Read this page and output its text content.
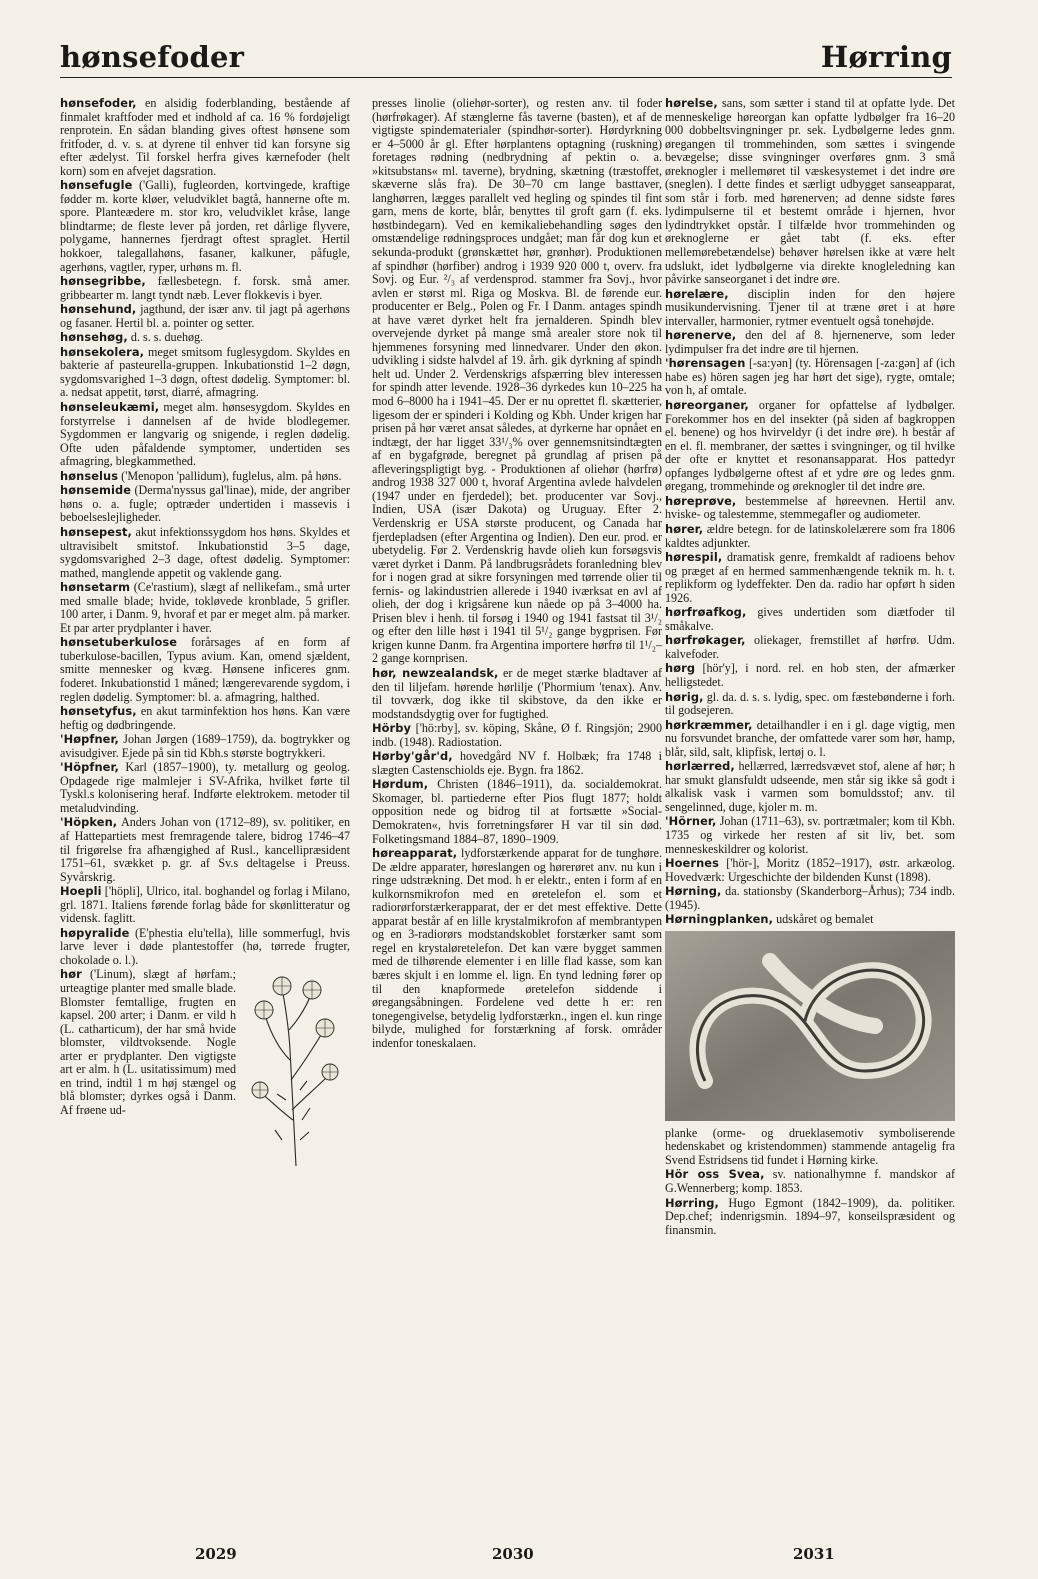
hønsefoder	Hørring
hønsefoder, en alsidig foderblanding, bestående af finmalet kraftfoder med et indhold af ca. 16 % fordøjeligt renprotein. En sådan blanding gives oftest hønsene som fritfoder, d. v. s. at dyrene til enhver tid kan forsyne sig efter ædelyst. Til forskel herfra gives kærnefoder (helt korn) som en afvejet dagsration.
hønsefugle ('Galli), fugleorden, kortvingede, kraftige fødder m. korte kløer, veludviklet bagtå, hannerne ofte m. spore. Planteædere m. stor kro, veludviklet kråse, lange blindtarme; de fleste lever på jorden, ret dårlige flyvere, polygame, hannernes fjerdragt oftest spraglet. Hertil hokkoer, talegallahøns, fasaner, kalkuner, påfugle, agerhøns, vagtler, ryper, urhøns m. fl.
hønsegribbe, fællesbetegn. f. forsk. små amer. gribbearter m. langt tyndt næb. Lever flokkevis i byer.
hønsehund, jagthund, der især anv. til jagt på agerhøns og fasaner. Hertil bl. a. pointer og setter.
hønsehøg, d. s. s. duehøg.
hønsekolera, meget smitsom fuglesygdom. Skyldes en bakterie af pasteurella-gruppen. Inkubationstid 1–2 døgn, sygdomsvarighed 1–3 døgn, oftest dødelig. Symptomer: bl. a. nedsat appetit, tørst, diarré, afmagring.
hønseleukæmi, meget alm. hønsesygdom. Skyldes en forstyrrelse i dannelsen af de hvide blodlegemer. Sygdommen er langvarig og snigende, i reglen dødelig. Ofte uden påfaldende symptomer, undertiden ses afmagring, blegkammethed.
hønselus ('Menopon 'pallidum), fuglelus, alm. på høns.
hønsemide (Derma'nyssus gal'linae), mide, der angriber høns o. a. fugle; optræder undertiden i massevis i beboelseslejligheder.
hønsepest, akut infektionssygdom hos høns. Skyldes et ultravisibelt smitstof. Inkubationstid 3–5 dage, sygdomsvarighed 2–3 dage, oftest dødelig. Symptomer: mathed, manglende appetit og vaklende gang.
hønsetarm (Ce'rastium), slægt af nellikefam., små urter med smalle blade; hvide, tokløvede kronblade, 5 grifler. 100 arter, i Danm. 9, hvoraf et par er meget alm. på marker. Et par arter prydplanter i haver.
hønsetuberkulose forårsages af en form af tuberkulose-bacillen, Typus avium. Kan, omend sjældent, smitte mennesker og kvæg. Hønsene inficeres gnm. foderet. Inkubationstid 1 måned; længerevarende sygdom, i reglen dødelig. Symptomer: bl. a. afmagring, halthed.
hønsetyfus, en akut tarminfektion hos høns. Kan være heftig og dødbringende.
'Høpfner, Johan Jørgen (1689–1759), da. bogtrykker og avisudgiver. Ejede på sin tid Kbh.s største bogtrykkeri.
'Höpfner, Karl (1857–1900), ty. metallurg og geolog. Opdagede rige malmlejer i SV-Afrika, hvilket førte til Tyskl.s kolonisering heraf. Indførte elektrokem. metoder til metaludvinding.
'Höpken, Anders Johan von (1712–89), sv. politiker, en af Hattepartiets mest fremragende talere, bidrog 1746–47 til frigørelse fra afhængighed af Rusl., kancellipræsident 1751–61, svækket p. gr. af Sv.s deltagelse i Preuss. Syvårskrig.
Hoepli ['höpli], Ulrico, ital. boghandel og forlag i Milano, grl. 1871. Italiens førende forlag både for skønlitteratur og vidensk. faglitt.
høpyralide (E'phestia elu'tella), lille sommerfugl, hvis larve lever i døde plantestoffer (hø, tørrede frugter, chokolade o. l.).
hør ('Linum), slægt af hørfam.; urteagtige planter med smalle blade. Blomster femtallige, frugten en kapsel. 200 arter; i Danm. er vild h (L. catharticum), der har små hvide blomster, vildtvoksende. Nogle arter er prydplanter. Den vigtigste art er alm. h (L. usitatissimum) med en trind, indtil 1 m høj stængel og blå blomster; dyrkes også i Danm. Af frøene ud-
presses linolie (oliehør-sorter), og resten anv. til foder (hørfrøkager). Af stænglerne fås taverne (basten), et af de vigtigste spindematerialer (spindhør-sorter). Hørdyrkning er 4–5000 år gl. Efter hørplantens optagning (ruskning) foretages rødning (nedbrydning af pektin o. a. »kitsubstans« ml. taverne), brydning, skætning (træstoffet, skæverne slås fra). De 30–70 cm lange basttaver, langhørren, lægges parallelt ved hegling og spindes til fint garn, mens de korte, blår, benyttes til groft garn (f. eks. høstbindegarn). Ved en kemikaliebehandling søges den omstændelige rødningsproces undgået; man får dog kun et sekunda-produkt (grønskættet hør, grønhør). Produktionen af spindhør (hørfiber) androg i 1939 920 000 t, overv. fra Sovj. og Eur. ²/₃ af verdensprod. stammer fra Sovj., hvor avlen er størst ml. Riga og Moskva. Bl. de førende eur. producenter er Belg., Polen og Fr. I Danm. antages spindh at have været dyrket helt fra jernalderen. Spindh blev overvejende dyrket på mange små arealer store nok til hjemmenes forsyning med linnedvarer. Under den økon. udvikling i sidste halvdel af 19. årh. gik dyrkning af spindh helt ud. Under 2. Verdenskrigs afspærring blev interessen for spindh atter levende. 1928–36 dyrkedes kun 10–225 ha mod 6–8000 ha i 1941–45. Der er nu oprettet fl. skætterier, ligesom der er spinderi i Kolding og Kbh. Under krigen har prisen på hør været ansat således, at dyrkerne har opnået en indtægt, der har ligget 33¹/₃% over gennemsnitsindtægten af en bygafgrøde, beregnet på grundlag af prisen på afleveringspligtigt byg. - Produktionen af oliehør (hørfrø) androg 1938 327 000 t, hvoraf Argentina avlede halvdelen (1947 under en fjerdedel); bet. producenter var Sovj., Indien, USA (især Dakota) og Uruguay. Efter 2. Verdenskrig er USA største producent, og Canada har fjerdepladsen (efter Argentina og Indien). Den eur. prod. er ubetydelig. Før 2. Verdenskrig havde olieh kun forsøgsvis været dyrket i Danm. På landbrugsrådets foranledning blev for i nogen grad at sikre forsyningen med tørrende olier til fernis- og lakindustrien allerede i 1940 iværksat en avl af olieh, der dog i krigsårene kun nåede op på 3–4000 ha. Prisen blev i henh. til forsøg i 1940 og 1941 fastsat til 3¹/₂ og efter den lille høst i 1941 til 5¹/₂ gange bygprisen. Før krigen kunne Danm. fra Argentina importere hørfrø til 1¹/₂–2 gange kornprisen.
hør, newzealandsk, er de meget stærke bladtaver af den til liljefam. hørende hørlilje ('Phormium 'tenax). Anv. til tovværk, dog ikke til skibstove, da den ikke er modstandsdygtig over for fugtighed.
Hörby ['hö:rby], sv. köping, Skåne, Ø f. Ringsjön; 2900 indb. (1948). Radiostation.
Hørby'går'd, hovedgård NV f. Holbæk; fra 1748 i slægten Castenschiolds eje. Bygn. fra 1862.
Hørdum, Christen (1846–1911), da. socialdemokrat. Skomager, bl. partiederne efter Pios flugt 1877; holdt opposition nede og bidrog til at fortsætte »Social-Demokraten«, hvis forretningsfører H var til sin død. Folketingsmand 1884–87, 1890–1909.
høreapparat, lydforstærkende apparat for de tunghøre. De ældre apparater, høreslangen og hørerøret anv. nu kun i ringe udstrækning. Det mod. h er elektr., enten i form af en kulkornsmikrofon med en øretelefon el. som et radiorørforstærkerapparat, der er det mest effektive. Dette apparat består af en lille krystalmikrofon af membrantypen og en 3-radiorørs modstandskoblet forstærker samt som regel en krystaløretelefon. Det kan være bygget sammen med de tilhørende elementer i en lille flad kasse, som kan bæres skjult i en lomme el. lign. En tynd ledning fører op til den knapformede øretelefon siddende i øregangsåbningen. Fordelene ved dette h er: ren tonegengivelse, betydelig lydforstærkn., ingen el. kun ringe bilyde, mulighed for forstærkning af forsk. områder indenfor toneskalaen.
hørelse, sans, som sætter i stand til at opfatte lyde. Det menneskelige høreorgan kan opfatte lydbølger fra 16–20 000 dobbeltsvingninger pr. sek. Lydbølgerne ledes gnm. øregangen til trommehinden, som sættes i svingende bevægelse; disse svingninger overføres gnm. 3 små øreknogler i mellemøret til væskesystemet i det indre øre (sneglen). I dette findes et særligt udbygget sanseapparat, som står i forb. med hørenerven; ad denne sidste føres lydimpulserne til et bestemt område i hjernen, hvor lydindtrykket opstår. I tilfælde hvor trommehinden og øreknoglerne er gået tabt (f. eks. efter mellemørebetændelse) behøver hørelsen ikke at være helt udslukt, idet lydbølgerne via direkte knogleledning kan påvirke sanseorganet i det indre øre.
hørelære, disciplin inden for den højere musikundervisning. Tjener til at træne øret i at høre intervaller, harmonier, rytmer eventuelt også tonehøjde.
hørenerve, den del af 8. hjernenerve, som leder lydimpulser fra det indre øre til hjernen.
'hørensagen [-sa:yən] (ty. Hörensagen [-za:gən] af (ich habe es) hören sagen jeg har hørt det sige), rygte, omtale; von h, af omtale.
høreorganer, organer for opfattelse af lydbølger. Forekommer hos en del insekter (på siden af bagkroppen el. benene) og hos hvirveldyr (i det indre øre). h består af en el. fl. membraner, der sættes i svingninger, og til hvilke der ofte er knyttet et resonansapparat. Hos pattedyr opfanges lydbølgerne oftest af et ydre øre og ledes gnm. øregang, trommehinde og øreknogler til det indre øre.
høreprøve, bestemmelse af høreevnen. Hertil anv. hviske- og talestemme, stemmegafler og audiometer.
hører, ældre betegn. for de latinskolelærere som fra 1806 kaldtes adjunkter.
hørespil, dramatisk genre, fremkaldt af radioens behov og præget af en hermed sammenhængende teknik m. h. t. replikform og lydeffekter. Den da. radio har opført h siden 1926.
hørfrøafkog, gives undertiden som diætfoder til småkalve.
hørfrøkager, oliekager, fremstillet af hørfrø. Udm. kalvefoder.
hørg [hör'y], i nord. rel. en hob sten, der afmærker helligstedet.
hørig, gl. da. d. s. s. lydig, spec. om fæstebønderne i forh. til godsejeren.
hørkræmmer, detailhandler i en i gl. dage vigtig, men nu forsvundet branche, der omfattede varer som hør, hamp, blår, sild, salt, klipfisk, lertøj o. l.
hørlærred, hellærred, lærredsvævet stof, alene af hør; h har smukt glansfuldt udseende, men står sig ikke så godt i alkalisk vask i varmen som bomuldsstof; anv. til sengelinned, duge, kjoler m. m.
'Hörner, Johan (1711–63), sv. portrætmaler; kom til Kbh. 1735 og virkede her resten af sit liv, bet. som menneskeskildrer og kolorist.
Hoernes ['hör-], Moritz (1852–1917), østr. arkæolog. Hovedværk: Urgeschichte der bildenden Kunst (1898).
Hørning, da. stationsby (Skanderborg–Århus); 734 indb. (1945).
Hørningplanken, udskåret og bemalet
planke (orme- og drueklasemotiv symboliserende hedenskabet og kristendommen) stammende antagelig fra Svend Estridsens tid fundet i Hørning kirke.
Hör oss Svea, sv. nationalhymne f. mandskor af G.Wennerberg; komp. 1853.
Hørring, Hugo Egmont (1842–1909), da. politiker. Dep.chef; indenrigsmin. 1894–97, konseilspræsident og finansmin.
2029	2030	2031
